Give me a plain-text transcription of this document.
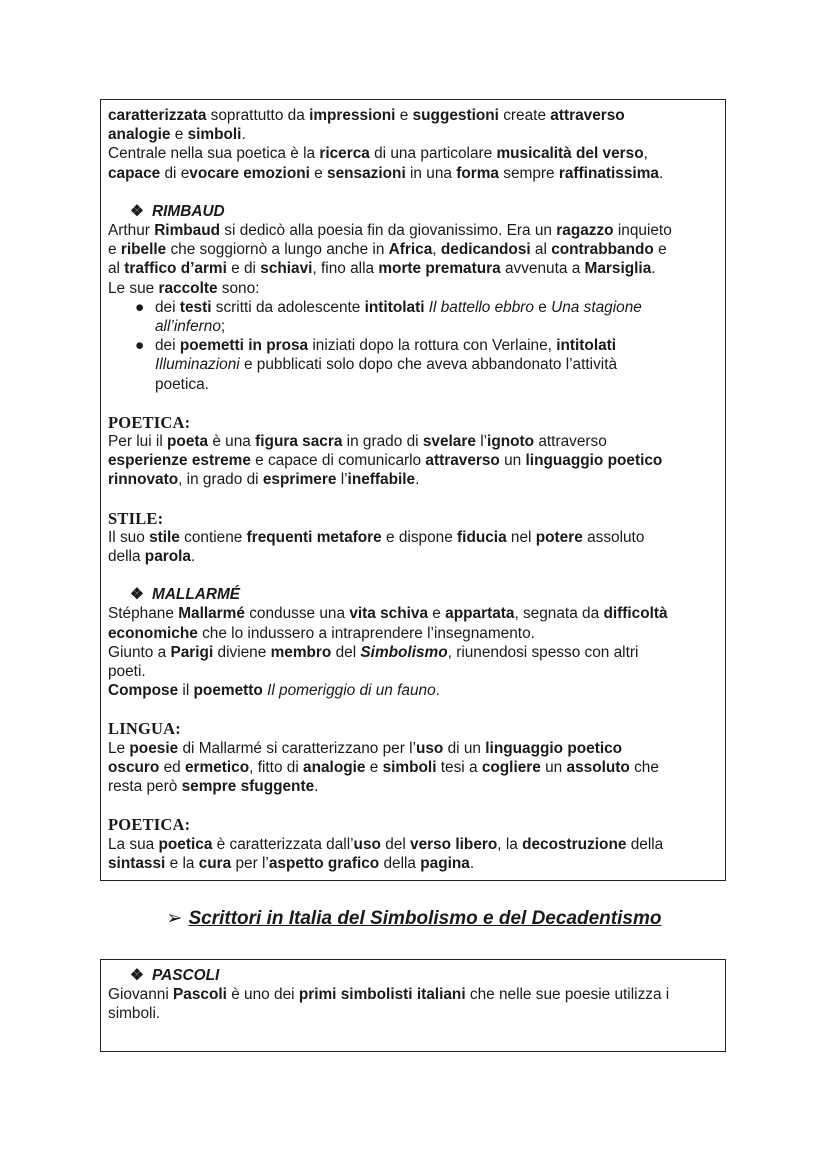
caratterizzata soprattutto da impressioni e suggestioni create attraverso
analogie e simboli.
Centrale nella sua poetica è la ricerca di una particolare musicalità del verso,
capace di evocare emozioni e sensazioni in una forma sempre raffinatissima.
❖ RIMBAUD
Arthur Rimbaud si dedicò alla poesia fin da giovanissimo. Era un ragazzo inquieto
e ribelle che soggiornò a lungo anche in Africa, dedicandosi al contrabbando e
al traffico d’armi e di schiavi, fino alla morte prematura avvenuta a Marsiglia.
Le sue raccolte sono:
● dei testi scritti da adolescente intitolati Il battello ebbro e Una stagione
all’inferno;
● dei poemetti in prosa iniziati dopo la rottura con Verlaine, intitolati
Illuminazioni e pubblicati solo dopo che aveva abbandonato l’attività
poetica.
POETICA:
Per lui il poeta è una figura sacra in grado di svelare l’ignoto attraverso
esperienze estreme e capace di comunicarlo attraverso un linguaggio poetico
rinnovato, in grado di esprimere l’ineffabile.
STILE:
Il suo stile contiene frequenti metafore e dispone fiducia nel potere assoluto
della parola.
❖ MALLARMÉ
Stéphane Mallarmé condusse una vita schiva e appartata, segnata da difficoltà
economiche che lo indussero a intraprendere l’insegnamento.
Giunto a Parigi diviene membro del Simbolismo, riunendosi spesso con altri
poeti.
Compose il poemetto Il pomeriggio di un fauno.
LINGUA:
Le poesie di Mallarmé si caratterizzano per l’uso di un linguaggio poetico
oscuro ed ermetico, fitto di analogie e simboli tesi a cogliere un assoluto che
resta però sempre sfuggente.
POETICA:
La sua poetica è caratterizzata dall’uso del verso libero, la decostruzione della
sintassi e la cura per l’aspetto grafico della pagina.
➢ Scrittori in Italia del Simbolismo e del Decadentismo
❖ PASCOLI
Giovanni Pascoli è uno dei primi simbolisti italiani che nelle sue poesie utilizza i
simboli.
